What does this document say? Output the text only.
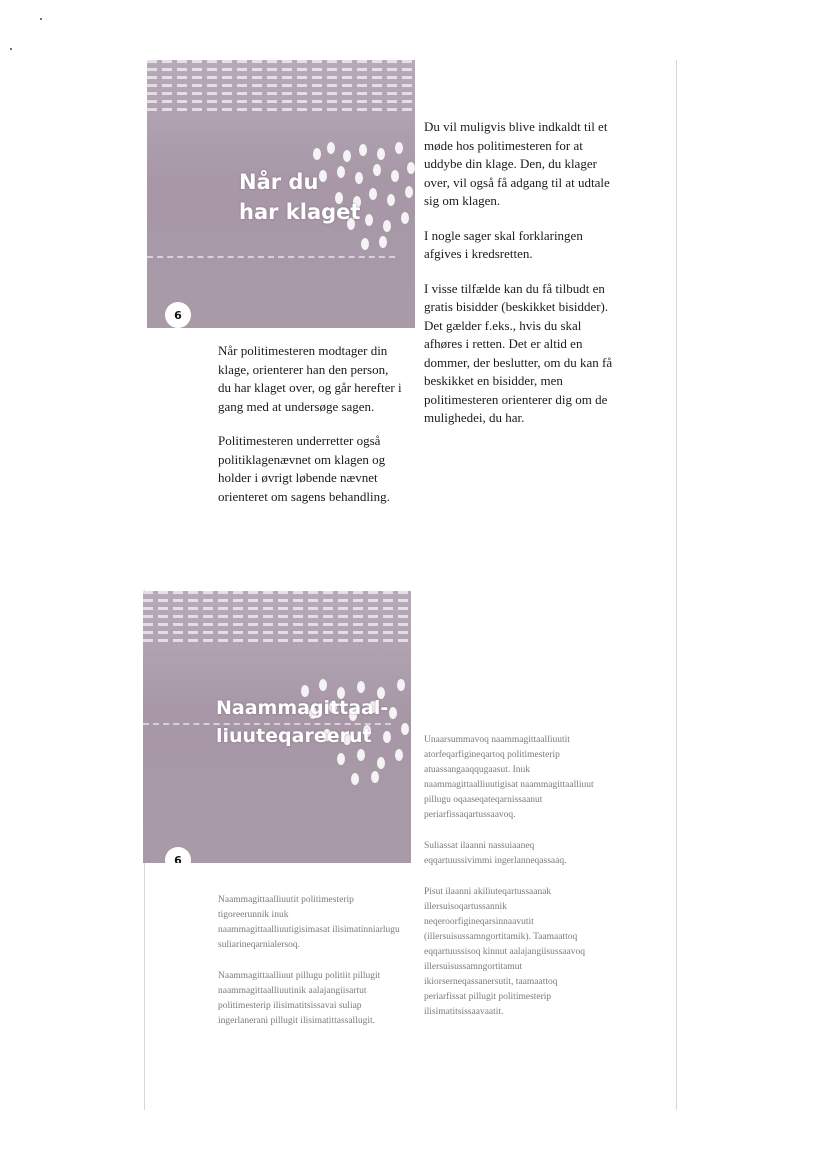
Når du
har klaget
6

Du vil muligvis blive indkaldt til et møde hos politimesteren for at uddybe din klage. Den, du klager over, vil også få adgang til at udtale sig om klagen.

I nogle sager skal forklaringen afgives i kredsretten.

I visse tilfælde kan du få tilbudt en gratis bisidder (beskikket bisidder). Det gælder f.eks., hvis du skal afhøres i retten. Det er altid en dommer, der beslutter, om du kan få beskikket en bisidder, men politimesteren orienterer dig om de mulighedei, du har.

Når politimesteren modtager din klage, orienterer han den person, du har klaget over, og går herefter i gang med at undersøge sagen.

Politimesteren underretter også politiklagenævnet om klagen og holder i øvrigt løbende nævnet orienteret om sagens behandling.

Naammagittaal-
liuuteqareerut
6

Unaarsummavoq naammagittaalliuutit atorfeqarfigineqartoq politimesterip atuassangaaqqugaasut. Inuk naammagittaalliuutigisat naammagittaalliuut pillugu oqaaseqateqarnissaanut periarfissaqartussaavoq.

Suliassat ilaanni nassuiaaneq eqqartuussivimmi ingerlanneqassaaq.

Pisut ilaanni akiliuteqartussaanak illersuisoqartussannik neqeroorfigineqarsinnaavutit (illersuisussamngortitamik). Taamaattoq eqqartuussisoq kinnut aalajangiisussaavoq illersuisussamngortitamut ikiorserneqassanersutit, taamaattoq periarfissat pillugit politimesterip ilisimatitsissaavaatit.

Naammagittaalliuutit politimesterip tigoreerunnik inuk naammagittaalliuutigisimasat ilisimatinniarlugu suliarineqarnialersoq.

Naammagittaalliuut pillugu politiit pillugit naammagittaalliuutinik aalajangiisartut politimesterip ilisimatitsissavai suliap ingerlanerani pillugit ilisimatittassallugit.
